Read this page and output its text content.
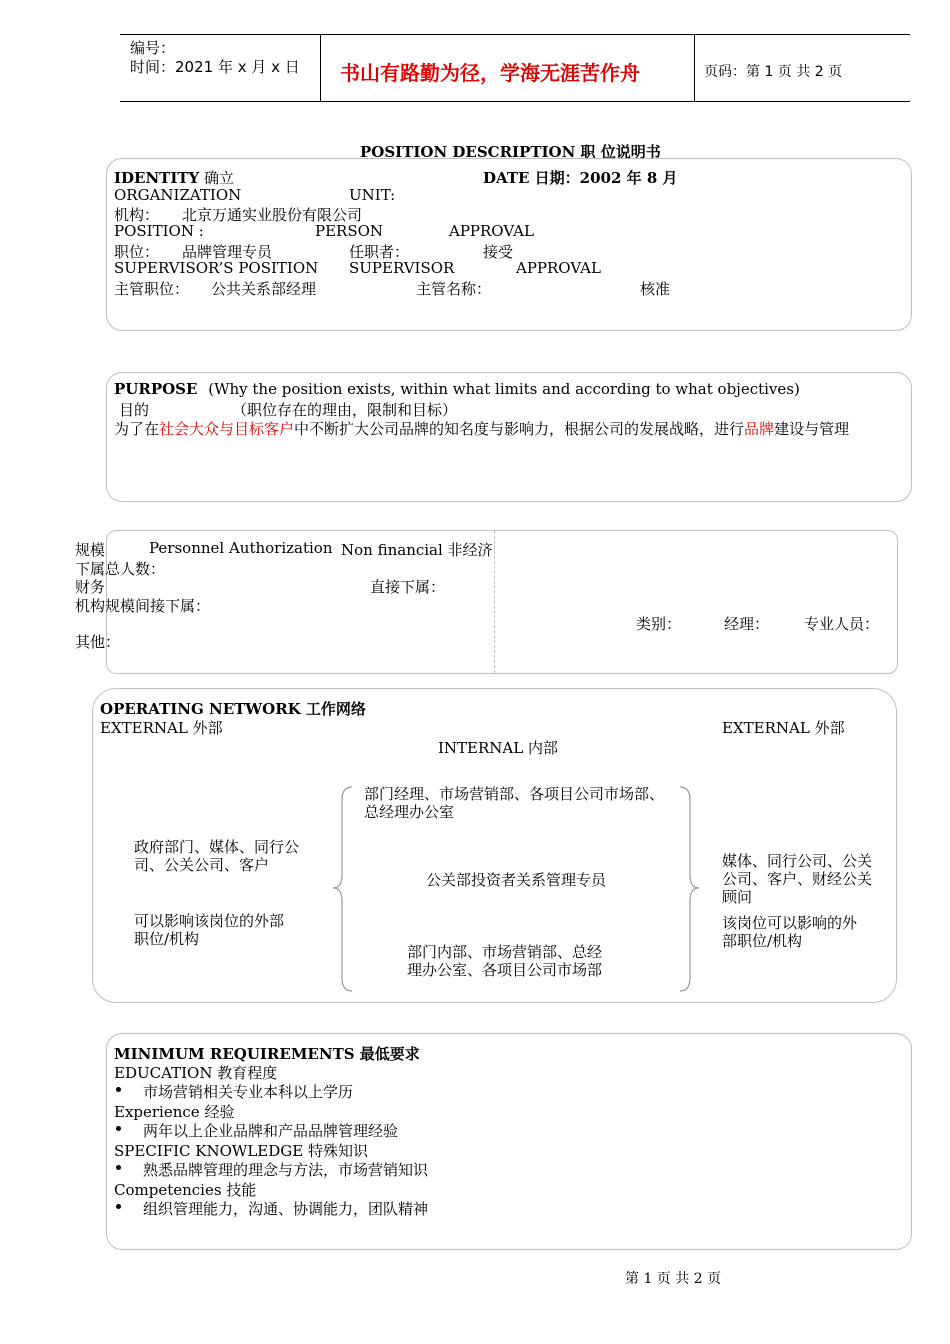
编号：
时间：2021 年 x 月 x 日 书山有路勤为径，学海无涯苦作舟	页码：第 1 页 共 2 页
POSITION DESCRIPTION 职 位说明书
IDENTITY 确立	DATE 日期：2002 年 8 月
ORGANIZATION	UNIT:
机构： 北京万通实业股份有限公司
POSITION :	PERSON	APPROVAL
职位： 品牌管理专员	任职者：	接受
SUPERVISOR’S POSITION SUPERVISOR	APPROVAL
主管职位： 公共关系部经理	主管名称：	核准
PURPOSE (Why the position exists, within what limits and according to what objectives)
目的	（职位存在的理由，限制和目标）
为了在社会大众与目标客户中不断扩大公司品牌的知名度与影响力，根据公司的发展战略，进行品牌建设与管理
规模	Personnel Authorization Non financial 非经济
下属总人数：
财务	直接下属：
机构规模间接下属：
类别：	经理： 专业人员：
其他：
OPERATING NETWORK 工作网络
EXTERNAL 外部	EXTERNAL 外部
INTERNAL 内部
部门经理、市场营销部、各项目公司市场部、
总经理办公室
公关部投资者关系管理专员
部门内部、市场营销部、总经
理办公室、各项目公司市场部
政府部门、媒体、同行公
司、公关公司、客户
可以影响该岗位的外部
职位/机构
媒体、同行公司、公关
公司、客户、财经公关
顾问
该岗位可以影响的外
部职位/机构
MINIMUM REQUIREMENTS 最低要求
EDUCATION 教育程度
市场营销相关专业本科以上学历
Experience 经验
两年以上企业品牌和产品品牌管理经验
SPECIFIC KNOWLEDGE 特殊知识
熟悉品牌管理的理念与方法，市场营销知识
Competencies 技能
组织管理能力，沟通、协调能力，团队精神
第 1 页 共 2 页
